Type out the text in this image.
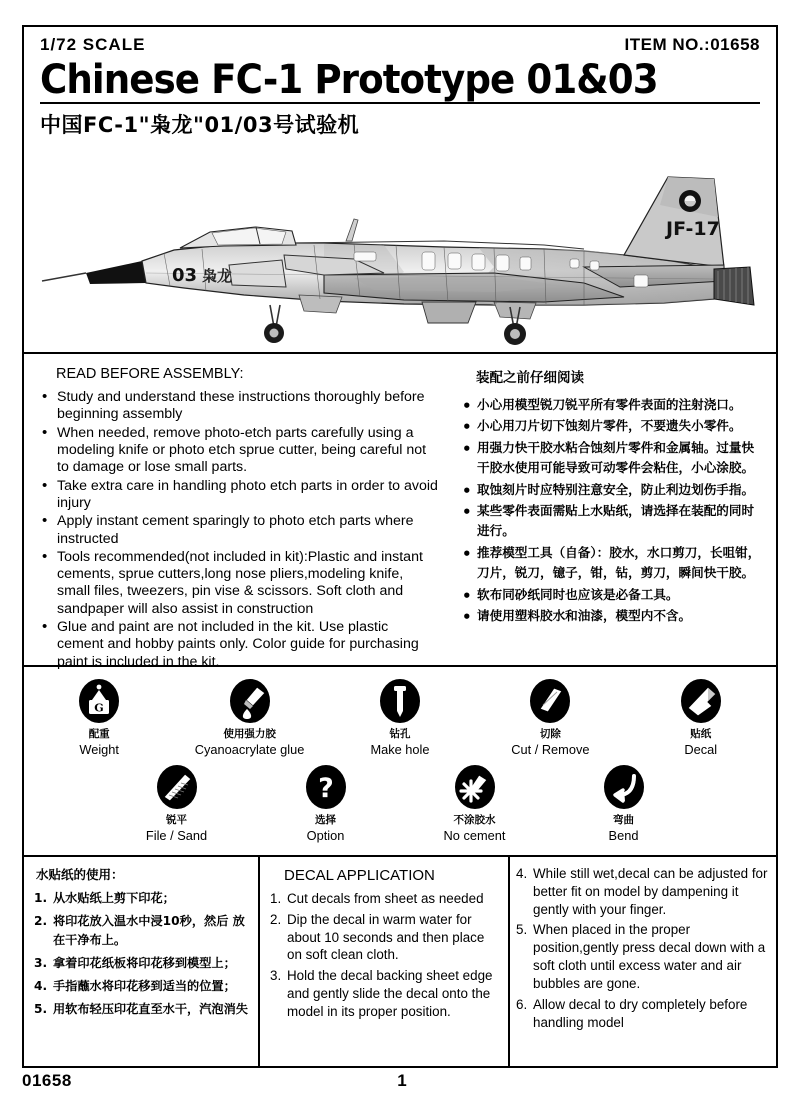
1/72 SCALE	ITEM NO.:01658
Chinese FC-1 Prototype 01&03
中国FC-1"枭龙"01/03号试验机
JF-17
03 枭龙
READ BEFORE ASSEMBLY:
• Study and understand these instructions thoroughly before beginning assembly
• When needed, remove photo-etch parts carefully using a modeling knife or photo etch sprue cutter, being careful not to damage or lose small parts.
• Take extra care in handling photo etch parts in order to avoid injury
• Apply instant cement sparingly to photo etch parts where instructed
• Tools recommended(not included in kit):Plastic and instant cements, sprue cutters,long nose pliers,modeling knife, small files, tweezers, pin vise & scissors. Soft cloth and sandpaper will also assist in construction
• Glue and paint are not included in the kit. Use plastic cement and hobby paints only. Color guide for purchasing paint is included in the kit.
装配之前仔细阅读
• 小心用模型锐刀锐平所有零件表面的注射浇口。
• 小心用刀片切下蚀刻片零件，不要遗失小零件。
• 用强力快干胶水粘合蚀刻片零件和金属轴。过量快干胶水使用可能导致可动零件会粘住，小心涂胶。
• 取蚀刻片时应特别注意安全，防止利边划伤手指。
• 某些零件表面需贴上水贴纸，请选择在装配的同时进行。
• 推荐模型工具（自备）：胶水，水口剪刀，长咀钳，刀片，锐刀，镱子，钳，钻，剪刀，瞬间快干胶。
• 软布同砂纸同时也应该是必备工具。
• 请使用塑料胶水和油漆，模型内不含。
G
配重
Weight
使用强力胶
Cyanoacrylate glue
钻孔
Make hole
切除
Cut / Remove
贴纸
Decal
锐平
File / Sand
?
选择
Option
不涂胶水
No cement
弯曲
Bend
水贴纸的使用：
1. 从水贴纸上剪下印花；
2. 将印花放入温水中浸10秒，然后 放在干净布上。
3. 拿着印花纸板将印花移到模型上；
4. 手指蘸水将印花移到适当的位置；
5. 用软布轻压印花直至水干，汽泡消失
DECAL APPLICATION
1. Cut decals from sheet as needed
2. Dip the decal in warm water for about 10 seconds and then place on soft clean cloth.
3. Hold the decal backing sheet edge and gently slide the decal onto the model in its proper position.
4. While still wet,decal can be adjusted for better fit on model by dampening it gently with your finger.
5. When placed in the proper position,gently press decal down with a soft cloth until excess water and air bubbles are gone.
6. Allow decal to dry completely before handling model
01658	1
